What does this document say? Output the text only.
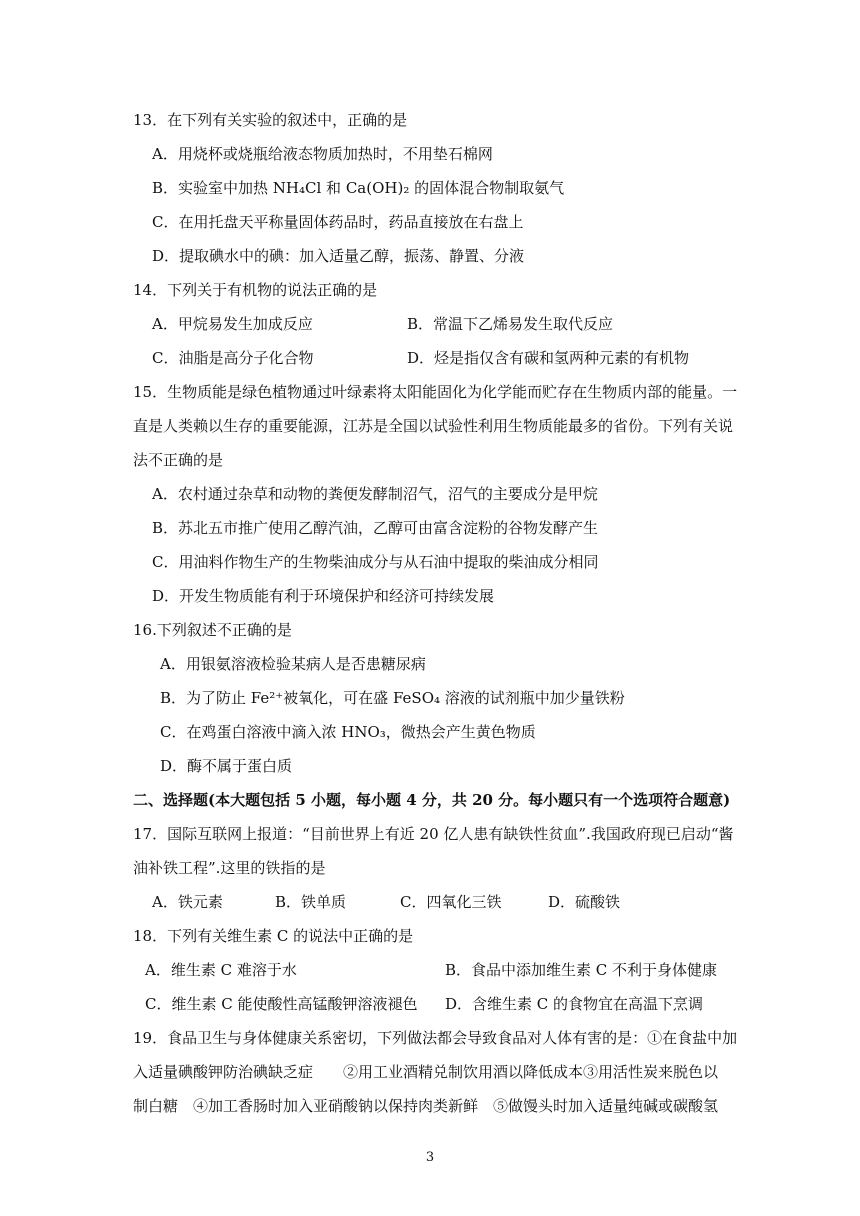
13．在下列有关实验的叙述中，正确的是

A．用烧杯或烧瓶给液态物质加热时，不用垫石棉网

B．实验室中加热 NH₄Cl 和 Ca(OH)₂ 的固体混合物制取氨气

C．在用托盘天平称量固体药品时，药品直接放在右盘上

D．提取碘水中的碘：加入适量乙醇，振荡、静置、分液

14．下列关于有机物的说法正确的是

A．甲烷易发生加成反应	B．常温下乙烯易发生取代反应

C．油脂是高分子化合物	D．烃是指仅含有碳和氢两种元素的有机物

15．生物质能是绿色植物通过叶绿素将太阳能固化为化学能而贮存在生物质内部的能量。一

直是人类赖以生存的重要能源，江苏是全国以试验性利用生物质能最多的省份。下列有关说

法不正确的是

A．农村通过杂草和动物的粪便发酵制沼气，沼气的主要成分是甲烷

B．苏北五市推广使用乙醇汽油，乙醇可由富含淀粉的谷物发酵产生

C．用油料作物生产的生物柴油成分与从石油中提取的柴油成分相同

D．开发生物质能有利于环境保护和经济可持续发展

16.下列叙述不正确的是

A．用银氨溶液检验某病人是否患糖尿病

B．为了防止 Fe²⁺被氧化，可在盛 FeSO₄ 溶液的试剂瓶中加少量铁粉

C．在鸡蛋白溶液中滴入浓 HNO₃，微热会产生黄色物质

D．酶不属于蛋白质

二、选择题(本大题包括 5 小题，每小题 4 分，共 20 分。每小题只有一个选项符合题意)

17．国际互联网上报道：“目前世界上有近 20 亿人患有缺铁性贫血”.我国政府现已启动“酱

油补铁工程”.这里的铁指的是

A．铁元素	B．铁单质	C．四氧化三铁	D．硫酸铁

18．下列有关维生素 C 的说法中正确的是

A．维生素 C 难溶于水	B．食品中添加维生素 C 不利于身体健康

C．维生素 C 能使酸性高锰酸钾溶液褪色 D．含维生素 C 的食物宜在高温下烹调

19．食品卫生与身体健康关系密切，下列做法都会导致食品对人体有害的是：①在食盐中加

入适量碘酸钾防治碘缺乏症　　②用工业酒精兑制饮用酒以降低成本③用活性炭来脱色以

制白糖　④加工香肠时加入亚硝酸钠以保持肉类新鲜　⑤做馒头时加入适量纯碱或碳酸氢

3
